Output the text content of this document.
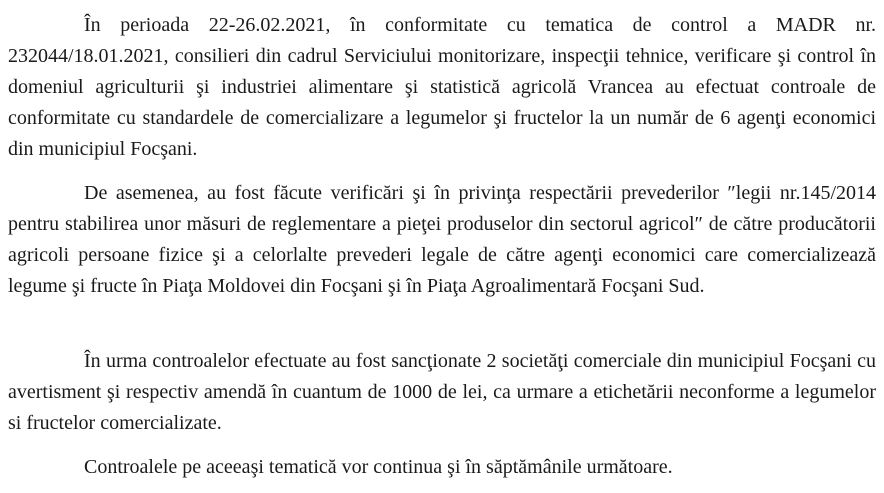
În perioada 22-26.02.2021, în conformitate cu tematica de control a MADR nr. 232044/18.01.2021, consilieri din cadrul Serviciului monitorizare, inspecţii tehnice, verificare şi control în domeniul agriculturii şi industriei alimentare şi statistică agricolă Vrancea au efectuat controale de conformitate cu standardele de comercializare a legumelor şi fructelor la un număr de 6 agenţi economici din municipiul Focşani.

De asemenea, au fost făcute verificări şi în privinţa respectării prevederilor ″legii nr.145/2014 pentru stabilirea unor măsuri de reglementare a pieţei produselor din sectorul agricol″ de către producătorii agricoli persoane fizice şi a celorlalte prevederi legale de către agenţi economici care comercializează legume şi fructe în Piaţa Moldovei din Focşani şi în Piaţa Agroalimentară Focşani Sud.

În urma controalelor efectuate au fost sancţionate 2 societăţi comerciale din municipiul Focşani cu avertisment şi respectiv amendă în cuantum de 1000 de lei, ca urmare a etichetării neconforme a legumelor si fructelor comercializate.

Controalele pe aceeaşi tematică vor continua şi în săptămânile următoare.
